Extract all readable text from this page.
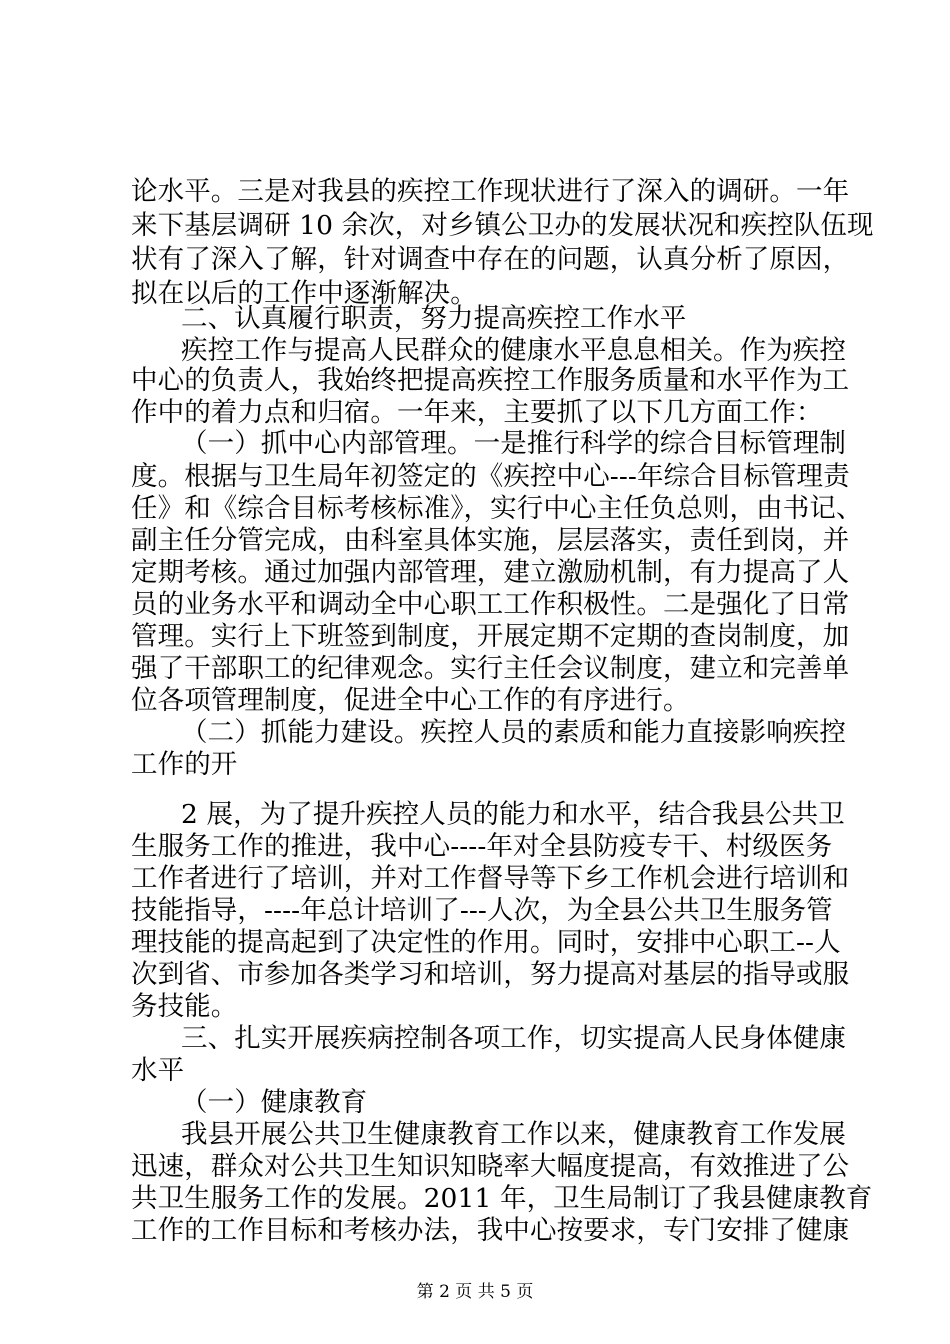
论水平。三是对我县的疾控工作现状进行了深入的调研。一年
来下基层调研 10 余次，对乡镇公卫办的发展状况和疾控队伍现
状有了深入了解，针对调查中存在的问题，认真分析了原因，
拟在以后的工作中逐渐解决。
二、认真履行职责，努力提高疾控工作水平
疾控工作与提高人民群众的健康水平息息相关。作为疾控
中心的负责人，我始终把提高疾控工作服务质量和水平作为工
作中的着力点和归宿。一年来，主要抓了以下几方面工作：
（一）抓中心内部管理。一是推行科学的综合目标管理制
度。根据与卫生局年初签定的《疾控中心---年综合目标管理责
任》和《综合目标考核标准》，实行中心主任负总则，由书记、
副主任分管完成，由科室具体实施，层层落实，责任到岗，并
定期考核。通过加强内部管理，建立激励机制，有力提高了人
员的业务水平和调动全中心职工工作积极性。二是强化了日常
管理。实行上下班签到制度，开展定期不定期的查岗制度，加
强了干部职工的纪律观念。实行主任会议制度，建立和完善单
位各项管理制度，促进全中心工作的有序进行。
（二）抓能力建设。疾控人员的素质和能力直接影响疾控
工作的开
2 展，为了提升疾控人员的能力和水平，结合我县公共卫
生服务工作的推进，我中心----年对全县防疫专干、村级医务
工作者进行了培训，并对工作督导等下乡工作机会进行培训和
技能指导，----年总计培训了---人次，为全县公共卫生服务管
理技能的提高起到了决定性的作用。同时，安排中心职工--人
次到省、市参加各类学习和培训，努力提高对基层的指导或服
务技能。
三、扎实开展疾病控制各项工作，切实提高人民身体健康
水平
（一）健康教育
我县开展公共卫生健康教育工作以来，健康教育工作发展
迅速，群众对公共卫生知识知晓率大幅度提高，有效推进了公
共卫生服务工作的发展。2011 年，卫生局制订了我县健康教育
工作的工作目标和考核办法，我中心按要求，专门安排了健康
第 2 页 共 5 页
